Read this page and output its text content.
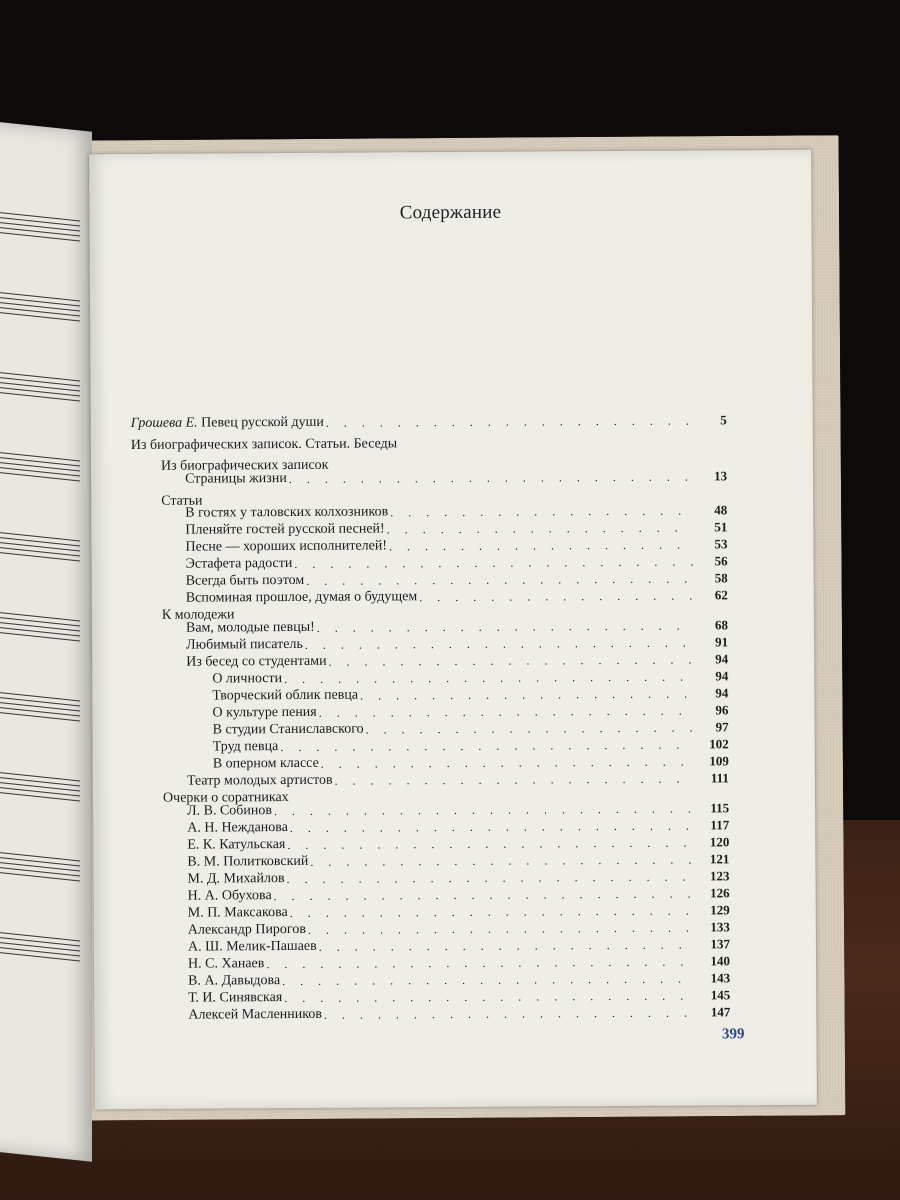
Содержание
Грошева Е. Певец русской души . . .	5
Из биографических записок. Статьи. Беседы
Из биографических записок
Страницы жизни . . .	13
Статьи
В гостях у таловских колхозников . . .	48
Пленяйте гостей русской песней! . . .	51
Песне — хороших исполнителей! . . .	53
Эстафета радости . . .	56
Всегда быть поэтом . . .	58
Вспоминая прошлое, думая о будущем . . .	62
К молодежи
Вам, молодые певцы! . . .	68
Любимый писатель . . .	91
Из бесед со студентами . . .	94
О личности . . .	94
Творческий облик певца . . .	94
О культуре пения . . .	96
В студии Станиславского . . .	97
Труд певца . . .	102
В оперном классе . . .	109
Театр молодых артистов . . .	111
Очерки о соратниках
Л. В. Собинов . . .	115
А. Н. Нежданова . . .	117
Е. К. Катульская . . .	120
В. М. Политковский . . .	121
М. Д. Михайлов . . .	123
Н. А. Обухова . . .	126
М. П. Максакова . . .	129
Александр Пирогов . . .	133
А. Ш. Мелик-Пашаев . . .	137
Н. С. Ханаев . . .	140
В. А. Давыдова . . .	143
Т. И. Синявская . . .	145
Алексей Масленников . . .	147
399
